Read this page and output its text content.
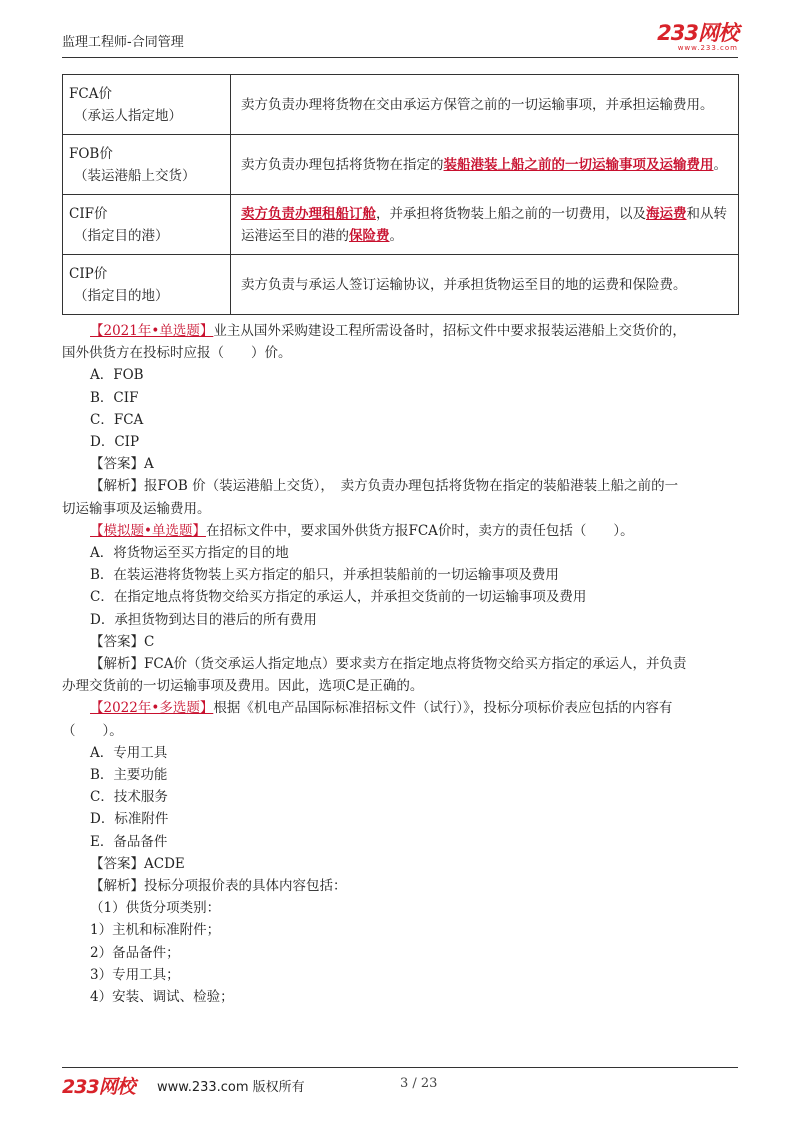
监理工程师-合同管理	233网校
www.233.com
FCA价
（承运人指定地）	卖方负责办理将货物在交由承运方保管之前的一切运输事项，并承担运输费用。

FOB价
（装运港船上交货）	卖方负责办理包括将货物在指定的装船港装上船之前的一切运输事项及运输费用。

CIF价
（指定目的港）	卖方负责办理租船订舱，并承担将货物装上船之前的一切费用，以及海运费和从转运港运至目的港的保险费。

CIP价
（指定目的地）	卖方负责与承运人签订运输协议，并承担货物运至目的地的运费和保险费。

【2021年•单选题】业主从国外采购建设工程所需设备时，招标文件中要求报装运港船上交货价的，

国外供货方在投标时应报（　　）价。

A．FOB

B．CIF

C．FCA

D．CIP

【答案】A

【解析】报FOB 价（装运港船上交货），　卖方负责办理包括将货物在指定的装船港装上船之前的一

切运输事项及运输费用。

【模拟题•单选题】在招标文件中，要求国外供货方报FCA价时，卖方的责任包括（　　）。

A．将货物运至买方指定的目的地

B．在装运港将货物装上买方指定的船只，并承担装船前的一切运输事项及费用

C．在指定地点将货物交给买方指定的承运人，并承担交货前的一切运输事项及费用

D．承担货物到达目的港后的所有费用

【答案】C

【解析】FCA价（货交承运人指定地点）要求卖方在指定地点将货物交给买方指定的承运人，并负责

办理交货前的一切运输事项及费用。因此，选项C是正确的。

【2022年•多选题】根据《机电产品国际标准招标文件（试行）》，投标分项标价表应包括的内容有

（　　）。

A．专用工具

B．主要功能

C．技术服务

D．标准附件

E．备品备件

【答案】ACDE

【解析】投标分项报价表的具体内容包括：

（1）供货分项类别：

1）主机和标准附件；

2）备品备件；

3）专用工具；

4）安装、调试、检验；

233网校 www.233.com 版权所有	3 / 23
